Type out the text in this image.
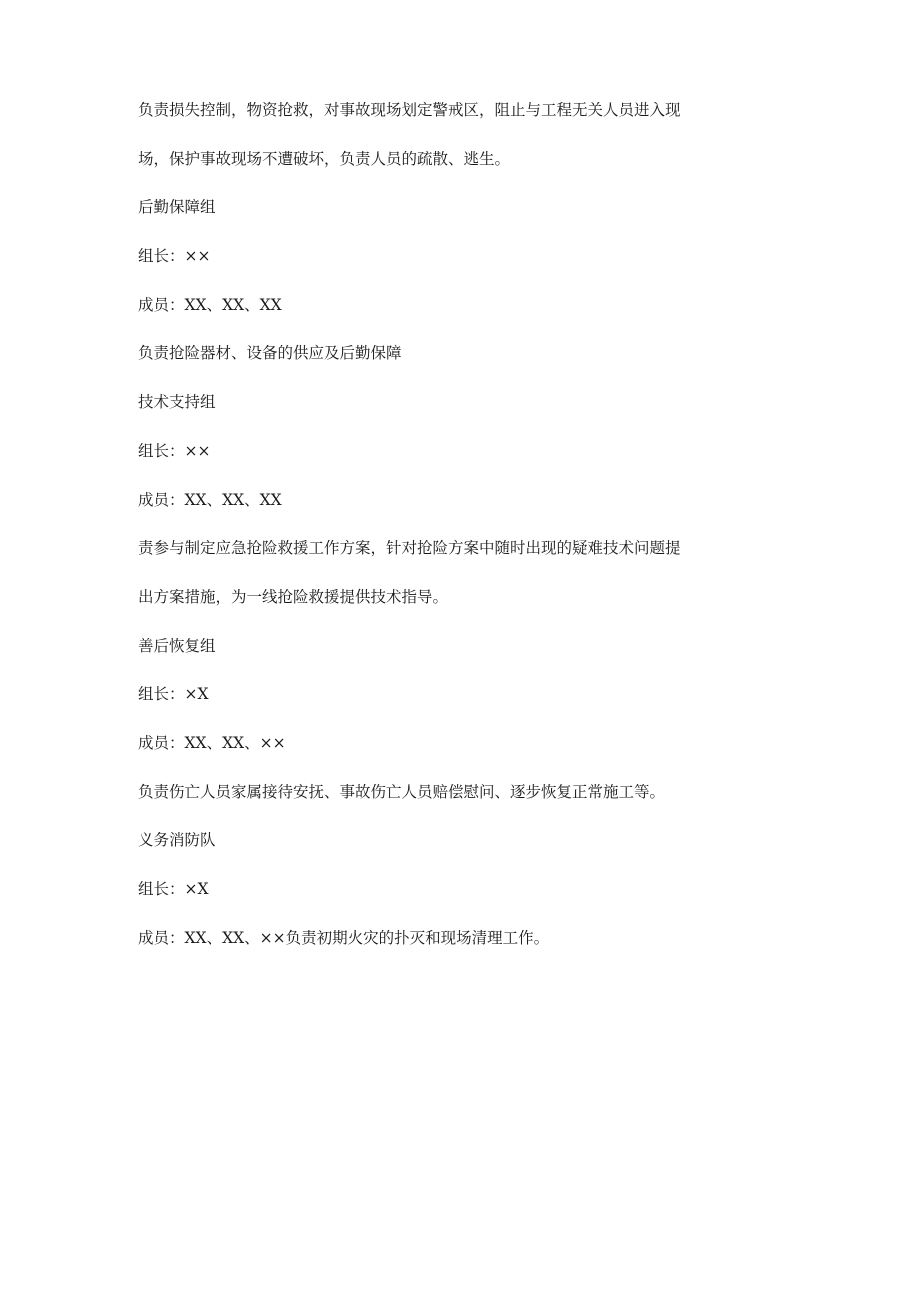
负责损失控制，物资抢救，对事故现场划定警戒区，阻止与工程无关人员进入现
场，保护事故现场不遭破坏，负责人员的疏散、逃生。
后勤保障组
组长：××
成员：XX、XX、XX
负责抢险器材、设备的供应及后勤保障
技术支持组
组长：××
成员：XX、XX、XX
责参与制定应急抢险救援工作方案，针对抢险方案中随时出现的疑难技术问题提
出方案措施，为一线抢险救援提供技术指导。
善后恢复组
组长：×X
成员：XX、XX、××
负责伤亡人员家属接待安抚、事故伤亡人员赔偿慰问、逐步恢复正常施工等。
义务消防队
组长：×X
成员：XX、XX、××负责初期火灾的扑灭和现场清理工作。
